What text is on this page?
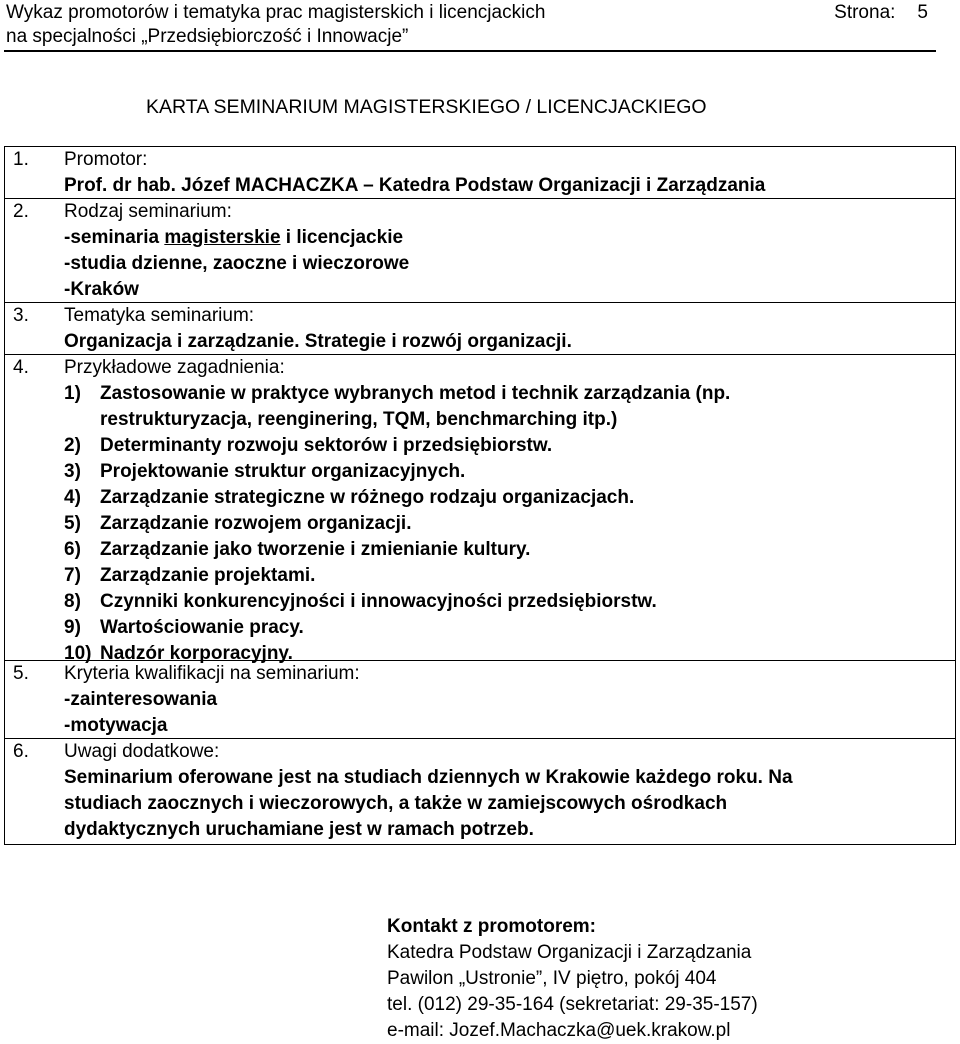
Wykaz promotorów i tematyka prac magisterskich i licencjackich
na specjalności „Przedsiębiorczość i Innowacje”
Strona: 5
KARTA SEMINARIUM MAGISTERSKIEGO / LICENCJACKIEGO
1.	Promotor:
Prof. dr hab. Józef MACHACZKA – Katedra Podstaw Organizacji i Zarządzania
2.	Rodzaj seminarium:
-seminaria magisterskie i licencjackie
-studia dzienne, zaoczne i wieczorowe
-Kraków
3.	Tematyka seminarium:
Organizacja i zarządzanie. Strategie i rozwój organizacji.
4.	Przykładowe zagadnienia:
1) Zastosowanie w praktyce wybranych metod i technik zarządzania (np.
restrukturyzacja, reenginering, TQM, benchmarching itp.)
2) Determinanty rozwoju sektorów i przedsiębiorstw.
3) Projektowanie struktur organizacyjnych.
4) Zarządzanie strategiczne w różnego rodzaju organizacjach.
5) Zarządzanie rozwojem organizacji.
6) Zarządzanie jako tworzenie i zmienianie kultury.
7) Zarządzanie projektami.
8) Czynniki konkurencyjności i innowacyjności przedsiębiorstw.
9) Wartościowanie pracy.
10) Nadzór korporacyjny.
5.	Kryteria kwalifikacji na seminarium:
-zainteresowania
-motywacja
6.	Uwagi dodatkowe:
Seminarium oferowane jest na studiach dziennych w Krakowie każdego roku. Na
studiach zaocznych i wieczorowych, a także w zamiejscowych ośrodkach
dydaktycznych uruchamiane jest w ramach potrzeb.
Kontakt z promotorem:
Katedra Podstaw Organizacji i Zarządzania
Pawilon „Ustronie”, IV piętro, pokój 404
tel. (012) 29-35-164 (sekretariat: 29-35-157)
e-mail: Jozef.Machaczka@uek.krakow.pl
